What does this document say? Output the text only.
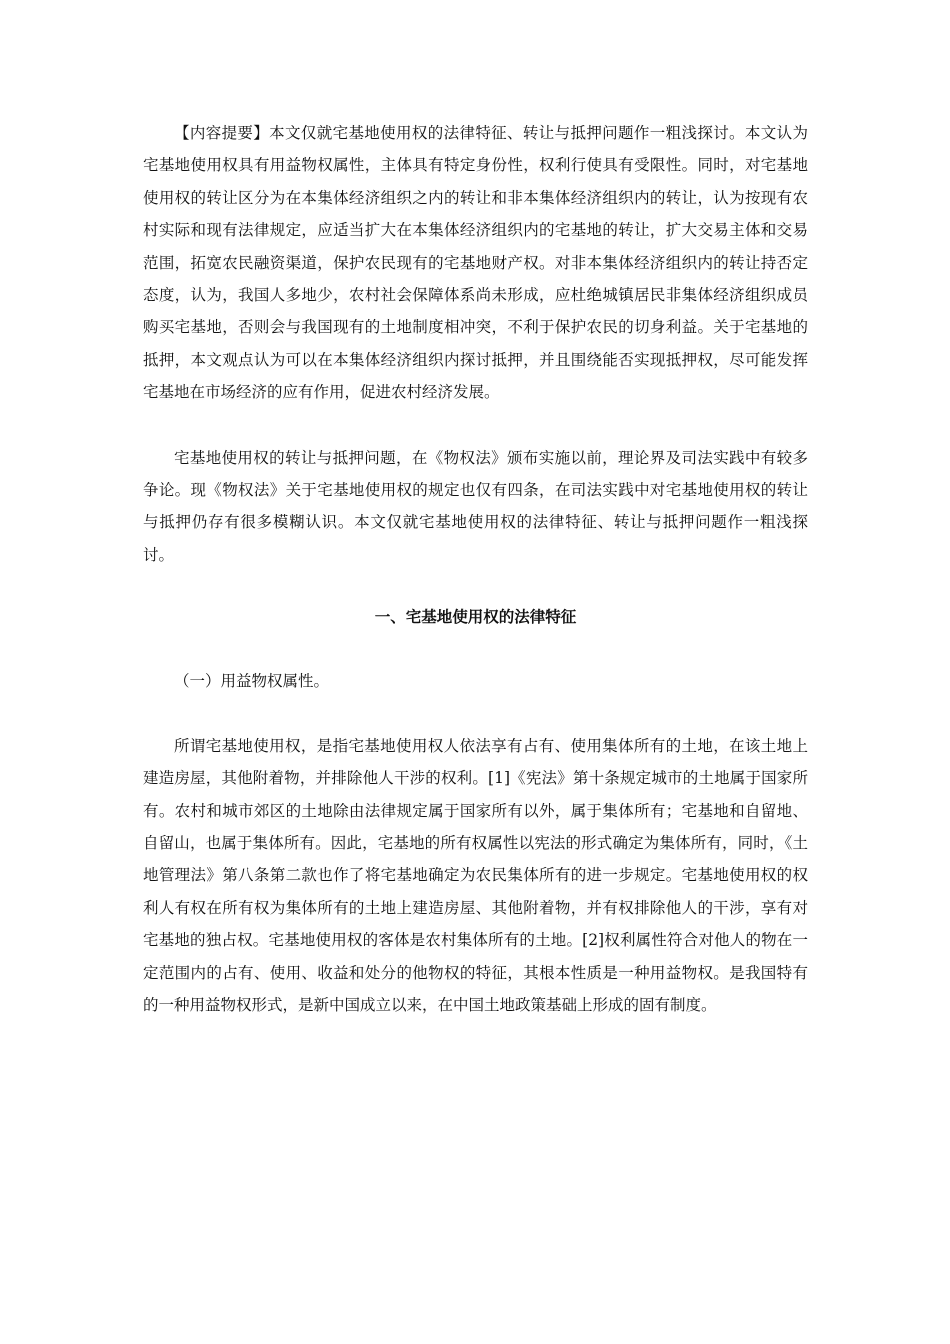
【内容提要】本文仅就宅基地使用权的法律特征、转让与抵押问题作一粗浅探讨。本文认为宅基地使用权具有用益物权属性，主体具有特定身份性，权利行使具有受限性。同时，对宅基地使用权的转让区分为在本集体经济组织之内的转让和非本集体经济组织内的转让，认为按现有农村实际和现有法律规定，应适当扩大在本集体经济组织内的宅基地的转让，扩大交易主体和交易范围，拓宽农民融资渠道，保护农民现有的宅基地财产权。对非本集体经济组织内的转让持否定态度，认为，我国人多地少，农村社会保障体系尚未形成，应杜绝城镇居民非集体经济组织成员购买宅基地，否则会与我国现有的土地制度相冲突，不利于保护农民的切身利益。关于宅基地的抵押，本文观点认为可以在本集体经济组织内探讨抵押，并且围绕能否实现抵押权，尽可能发挥宅基地在市场经济的应有作用，促进农村经济发展。

宅基地使用权的转让与抵押问题，在《物权法》颁布实施以前，理论界及司法实践中有较多争论。现《物权法》关于宅基地使用权的规定也仅有四条，在司法实践中对宅基地使用权的转让与抵押仍存有很多模糊认识。本文仅就宅基地使用权的法律特征、转让与抵押问题作一粗浅探讨。

一、宅基地使用权的法律特征

（一）用益物权属性。

所谓宅基地使用权，是指宅基地使用权人依法享有占有、使用集体所有的土地，在该土地上建造房屋，其他附着物，并排除他人干涉的权利。[1]《宪法》第十条规定城市的土地属于国家所有。农村和城市郊区的土地除由法律规定属于国家所有以外，属于集体所有；宅基地和自留地、自留山，也属于集体所有。因此，宅基地的所有权属性以宪法的形式确定为集体所有，同时，《土地管理法》第八条第二款也作了将宅基地确定为农民集体所有的进一步规定。宅基地使用权的权利人有权在所有权为集体所有的土地上建造房屋、其他附着物，并有权排除他人的干涉，享有对宅基地的独占权。宅基地使用权的客体是农村集体所有的土地。[2]权利属性符合对他人的物在一定范围内的占有、使用、收益和处分的他物权的特征，其根本性质是一种用益物权。是我国特有的一种用益物权形式，是新中国成立以来，在中国土地政策基础上形成的固有制度。
